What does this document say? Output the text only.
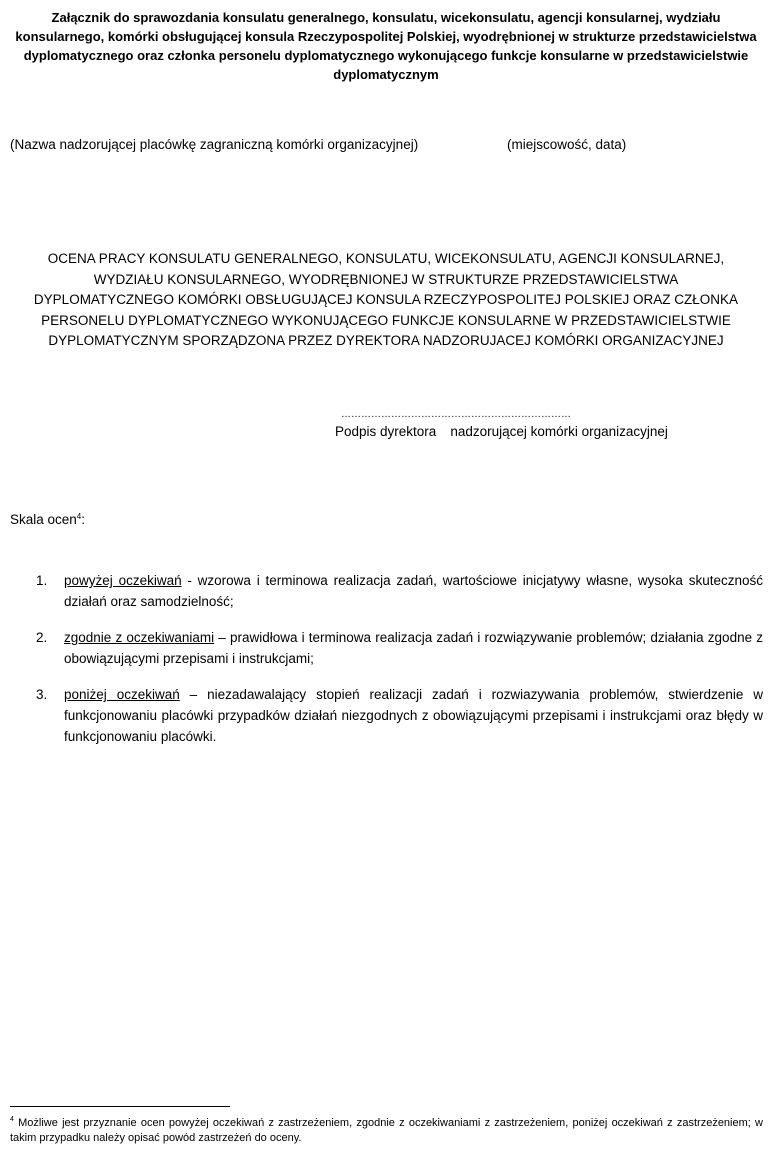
Załącznik do sprawozdania konsulatu generalnego, konsulatu, wicekonsulatu, agencji konsularnej, wydziału konsularnego, komórki obsługującej konsula Rzeczypospolitej Polskiej, wyodrębnionej w strukturze przedstawicielstwa dyplomatycznego oraz członka personelu dyplomatycznego wykonującego funkcje konsularne w przedstawicielstwie dyplomatycznym
(Nazwa nadzorującej placówkę zagraniczną komórki organizacyjnej)	(miejscowość, data)
OCENA PRACY KONSULATU GENERALNEGO, KONSULATU, WICEKONSULATU, AGENCJI KONSULARNEJ, WYDZIAŁU KONSULARNEGO, WYODRĘBNIONEJ W STRUKTURZE PRZEDSTAWICIELSTWA DYPLOMATYCZNEGO KOMÓRKI OBSŁUGUJĄCEJ KONSULA RZECZYPOSPOLITEJ POLSKIEJ ORAZ CZŁONKA PERSONELU DYPLOMATYCZNEGO WYKONUJĄCEGO FUNKCJE KONSULARNE W PRZEDSTAWICIELSTWIE DYPLOMATYCZNYM SPORZĄDZONA PRZEZ DYREKTORA NADZORUJACEJ KOMÓRKI ORGANIZACYJNEJ
……………………………………………………………
Podpis dyrektora nadzorującej komórki organizacyjnej
Skala ocen$^4$:
1. powyżej oczekiwań - wzorowa i terminowa realizacja zadań, wartościowe inicjatywy własne, wysoka skuteczność działań oraz samodzielność;
2. zgodnie z oczekiwaniami – prawidłowa i terminowa realizacja zadań i rozwiązywanie problemów; działania zgodne z obowiązującymi przepisami i instrukcjami;
3. poniżej oczekiwań – niezadawalający stopień realizacji zadań i rozwiazywania problemów, stwierdzenie w funkcjonowaniu placówki przypadków działań niezgodnych z obowiązującymi przepisami i instrukcjami oraz błędy w funkcjonowaniu placówki.
$^4$ Możliwe jest przyznanie ocen powyżej oczekiwań z zastrzeżeniem, zgodnie z oczekiwaniami z zastrzeżeniem, poniżej oczekiwań z zastrzeżeniem; w takim przypadku należy opisać powód zastrzeżeń do oceny.
